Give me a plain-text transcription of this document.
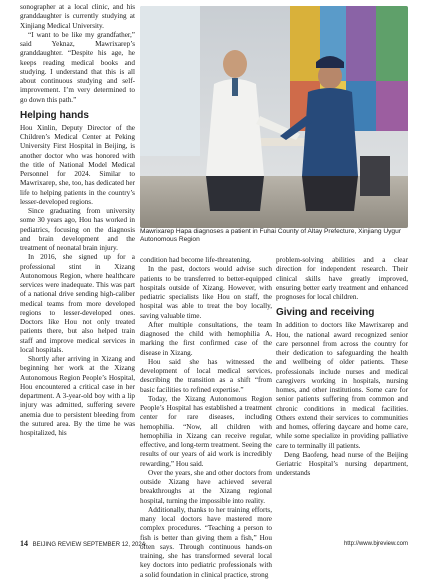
sonographer at a local clinic, and his granddaughter is currently studying at Xinjiang Medical University.

“I want to be like my grandfather,” said Yeknaz, Mawrixarep’s granddaughter. “Despite his age, he keeps reading medical books and studying. I understand that this is all about continuous studying and self-improvement. I’m very determined to go down this path.”

Helping hands

Hou Xinlin, Deputy Director of the Children’s Medical Center at Peking University First Hospital in Beijing, is another doctor who was honored with the title of National Model Medical Personnel for 2024. Similar to Mawrixarep, she, too, has dedicated her life to helping patients in the country’s lesser-developed regions.

Since graduating from university some 30 years ago, Hou has worked in pediatrics, focusing on the diagnosis and brain development and the treatment of neonatal brain injury.

In 2016, she signed up for a professional stint in Xizang Autonomous Region, where healthcare services were inadequate. This was part of a national drive sending high-caliber medical teams from more developed regions to lesser-developed ones. Doctors like Hou not only treated patients there, but also helped train staff and improve medical services in local hospitals.

Shortly after arriving in Xizang and beginning her work at the Xizang Autonomous Region People’s Hospital, Hou encountered a critical case in her department. A 3-year-old boy with a lip injury was admitted, suffering severe anemia due to persistent bleeding from the sutured area. By the time he was hospitalized, his

Mawrixarep Hapa diagnoses a patient in Fuhai County of Altay Prefecture, Xinjiang Uygur Autonomous Region

condition had become life-threatening.

In the past, doctors would advise such patients to be transferred to better-equipped hospitals outside of Xizang. However, with pediatric specialists like Hou on staff, the hospital was able to treat the boy locally, saving valuable time.

After multiple consultations, the team diagnosed the child with hemophilia A, marking the first confirmed case of the disease in Xizang.

Hou said she has witnessed the development of local medical services, describing the transition as a shift “from basic facilities to refined expertise.”

Today, the Xizang Autonomous Region People’s Hospital has established a treatment center for rare diseases, including hemophilia. “Now, all children with hemophilia in Xizang can receive regular, effective, and long-term treatment. Seeing the results of our years of aid work is incredibly rewarding,” Hou said.

Over the years, she and other doctors from outside Xizang have achieved several breakthroughs at the Xizang regional hospital, turning the impossible into reality.

Additionally, thanks to her training efforts, many local doctors have mastered more complex procedures. “Teaching a person to fish is better than giving them a fish,” Hou often says. Through continuous hands-on training, she has transformed several local key doctors into pediatric professionals with a solid foundation in clinical practice, strong

problem-solving abilities and a clear direction for independent research. Their clinical skills have greatly improved, ensuring better early treatment and enhanced prognoses for local children.

Giving and receiving

In addition to doctors like Mawrixarep and Hou, the national award recognized senior care personnel from across the country for their dedication to safeguarding the health and wellbeing of older patients. These professionals include nurses and medical caregivers working in hospitals, nursing homes, and other institutions. Some care for senior patients suffering from common and chronic conditions in medical facilities. Others extend their services to communities and homes, offering daycare and home care, while some specialize in providing palliative care to terminally ill patients.

Deng Baofeng, head nurse of the Beijing Geriatric Hospital’s nursing department, understands

14 BEIJING REVIEW SEPTEMBER 12, 2024	http://www.bjreview.com
